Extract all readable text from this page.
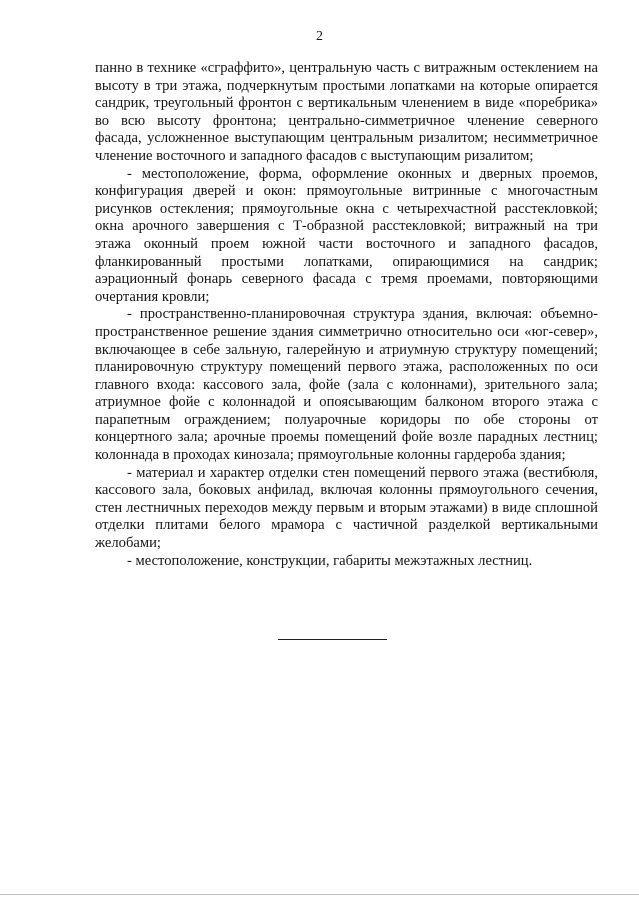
2

панно в технике «сграффито», центральную часть с витражным остеклением на высоту в три этажа, подчеркнутым простыми лопатками на которые опирается сандрик, треугольный фронтон с вертикальным членением в виде «поребрика» во всю высоту фронтона; центрально-симметричное членение северного фасада, усложненное выступающим центральным ризалитом; несимметричное членение восточного и западного фасадов с выступающим ризалитом;

- местоположение, форма, оформление оконных и дверных проемов, конфигурация дверей и окон: прямоугольные витринные с многочастным рисунков остекления; прямоугольные окна с четырехчастной расстекловкой; окна арочного завершения с Т-образной расстекловкой; витражный на три этажа оконный проем южной части восточного и западного фасадов, фланкированный простыми лопатками, опирающимися на сандрик; аэрационный фонарь северного фасада с тремя проемами, повторяющими очертания кровли;

- пространственно-планировочная структура здания, включая: объемно-пространственное решение здания симметрично относительно оси «юг-север», включающее в себе зальную, галерейную и атриумную структуру помещений; планировочную структуру помещений первого этажа, расположенных по оси главного входа: кассового зала, фойе (зала с колоннами), зрительного зала; атриумное фойе с колоннадой и опоясывающим балконом второго этажа с парапетным ограждением; полуарочные коридоры по обе стороны от концертного зала; арочные проемы помещений фойе возле парадных лестниц; колоннада в проходах кинозала; прямоугольные колонны гардероба здания;

- материал и характер отделки стен помещений первого этажа (вестибюля, кассового зала, боковых анфилад, включая колонны прямоугольного сечения, стен лестничных переходов между первым и вторым этажами) в виде сплошной отделки плитами белого мрамора с частичной разделкой вертикальными желобами;

- местоположение, конструкции, габариты межэтажных лестниц.
